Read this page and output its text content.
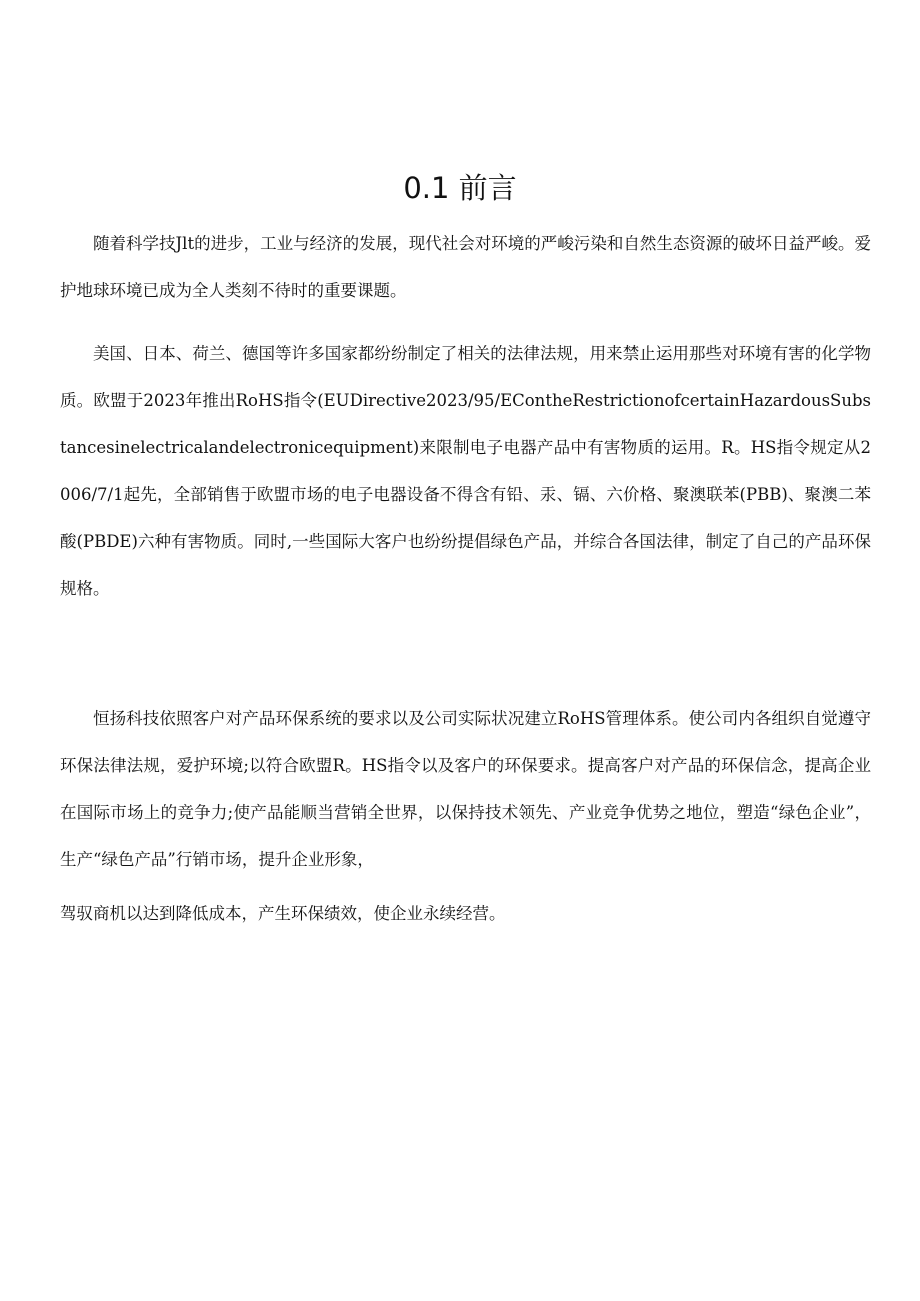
0.1 前言

随着科学技Jlt的进步，工业与经济的发展，现代社会对环境的严峻污染和自然生态资源的破坏日益严峻。爱护地球环境已成为全人类刻不待时的重要课题。

美国、日本、荷兰、德国等许多国家都纷纷制定了相关的法律法规，用来禁止运用那些对环境有害的化学物质。欧盟于2023年推出RoHS指令(EUDirective2023/95/EContheRestrictionofcertainHazardousSubstancesinelectricalandelectronicequipment)来限制电子电器产品中有害物质的运用。R。HS指令规定从2006/7/1起先，全部销售于欧盟市场的电子电器设备不得含有铅、汞、镉、六价格、聚澳联苯(PBB)、聚澳二苯酸(PBDE)六种有害物质。同时,一些国际大客户也纷纷提倡绿色产品，并综合各国法律，制定了自己的产品环保规格。

恒扬科技依照客户对产品环保系统的要求以及公司实际状况建立RoHS管理体系。使公司内各组织自觉遵守环保法律法规，爱护环境;以符合欧盟R。HS指令以及客户的环保要求。提高客户对产品的环保信念，提高企业在国际市场上的竞争力;使产品能顺当营销全世界，以保持技术领先、产业竞争优势之地位，塑造“绿色企业”，生产“绿色产品”行销市场，提升企业形象，

驾驭商机以达到降低成本，产生环保绩效，使企业永续经营。
